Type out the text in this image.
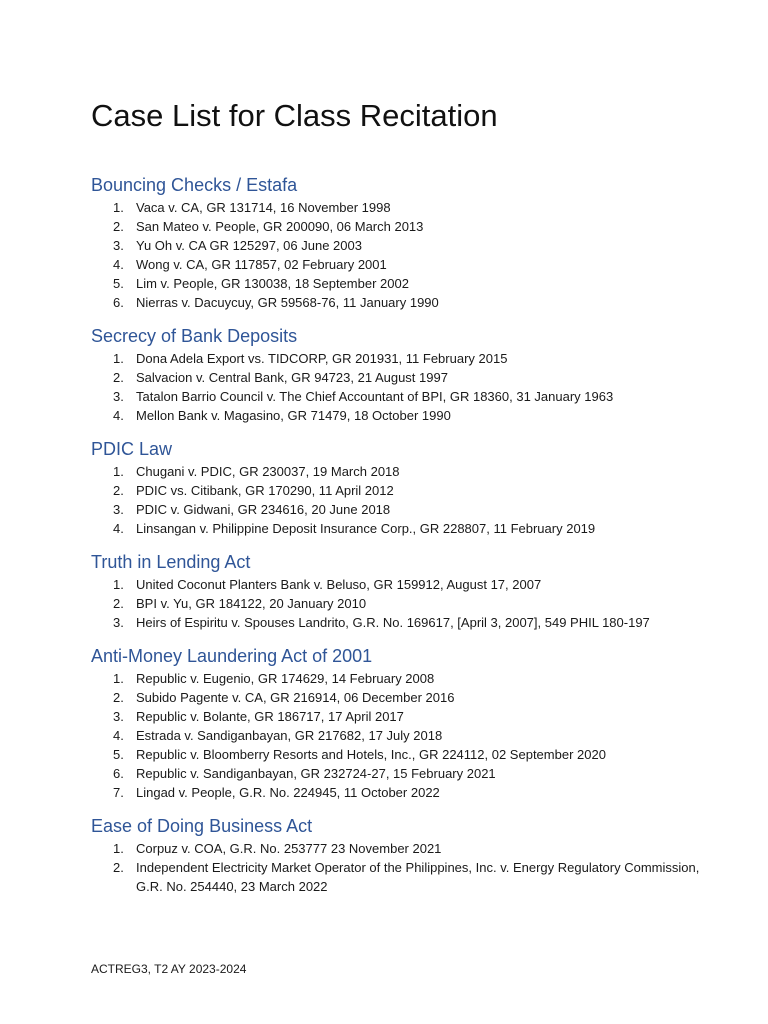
Case List for Class Recitation
Bouncing Checks / Estafa
1. Vaca v. CA, GR 131714, 16 November 1998
2. San Mateo v. People, GR 200090, 06 March 2013
3. Yu Oh v. CA GR 125297, 06 June 2003
4. Wong v. CA, GR 117857, 02 February 2001
5. Lim v. People, GR 130038, 18 September 2002
6. Nierras v. Dacuycuy, GR 59568-76, 11 January 1990
Secrecy of Bank Deposits
1. Dona Adela Export vs. TIDCORP, GR 201931, 11 February 2015
2. Salvacion v. Central Bank, GR 94723, 21 August 1997
3. Tatalon Barrio Council v. The Chief Accountant of BPI, GR 18360, 31 January 1963
4. Mellon Bank v. Magasino, GR 71479, 18 October 1990
PDIC Law
1. Chugani v. PDIC, GR 230037, 19 March 2018
2. PDIC vs. Citibank, GR 170290, 11 April 2012
3. PDIC v. Gidwani, GR 234616, 20 June 2018
4. Linsangan v. Philippine Deposit Insurance Corp., GR 228807, 11 February 2019
Truth in Lending Act
1. United Coconut Planters Bank v. Beluso, GR 159912, August 17, 2007
2. BPI v. Yu, GR 184122, 20 January 2010
3. Heirs of Espiritu v. Spouses Landrito, G.R. No. 169617, [April 3, 2007], 549 PHIL 180-197
Anti-Money Laundering Act of 2001
1. Republic v. Eugenio, GR 174629, 14 February 2008
2. Subido Pagente v. CA, GR 216914, 06 December 2016
3. Republic v. Bolante, GR 186717, 17 April 2017
4. Estrada v. Sandiganbayan, GR 217682, 17 July 2018
5. Republic v. Bloomberry Resorts and Hotels, Inc., GR 224112, 02 September 2020
6. Republic v. Sandiganbayan, GR 232724-27, 15 February 2021
7. Lingad v. People, G.R. No. 224945, 11 October 2022
Ease of Doing Business Act
1. Corpuz v. COA, G.R. No. 253777 23 November 2021
2. Independent Electricity Market Operator of the Philippines, Inc. v. Energy Regulatory Commission, G.R. No. 254440, 23 March 2022
ACTREG3, T2 AY 2023-2024
